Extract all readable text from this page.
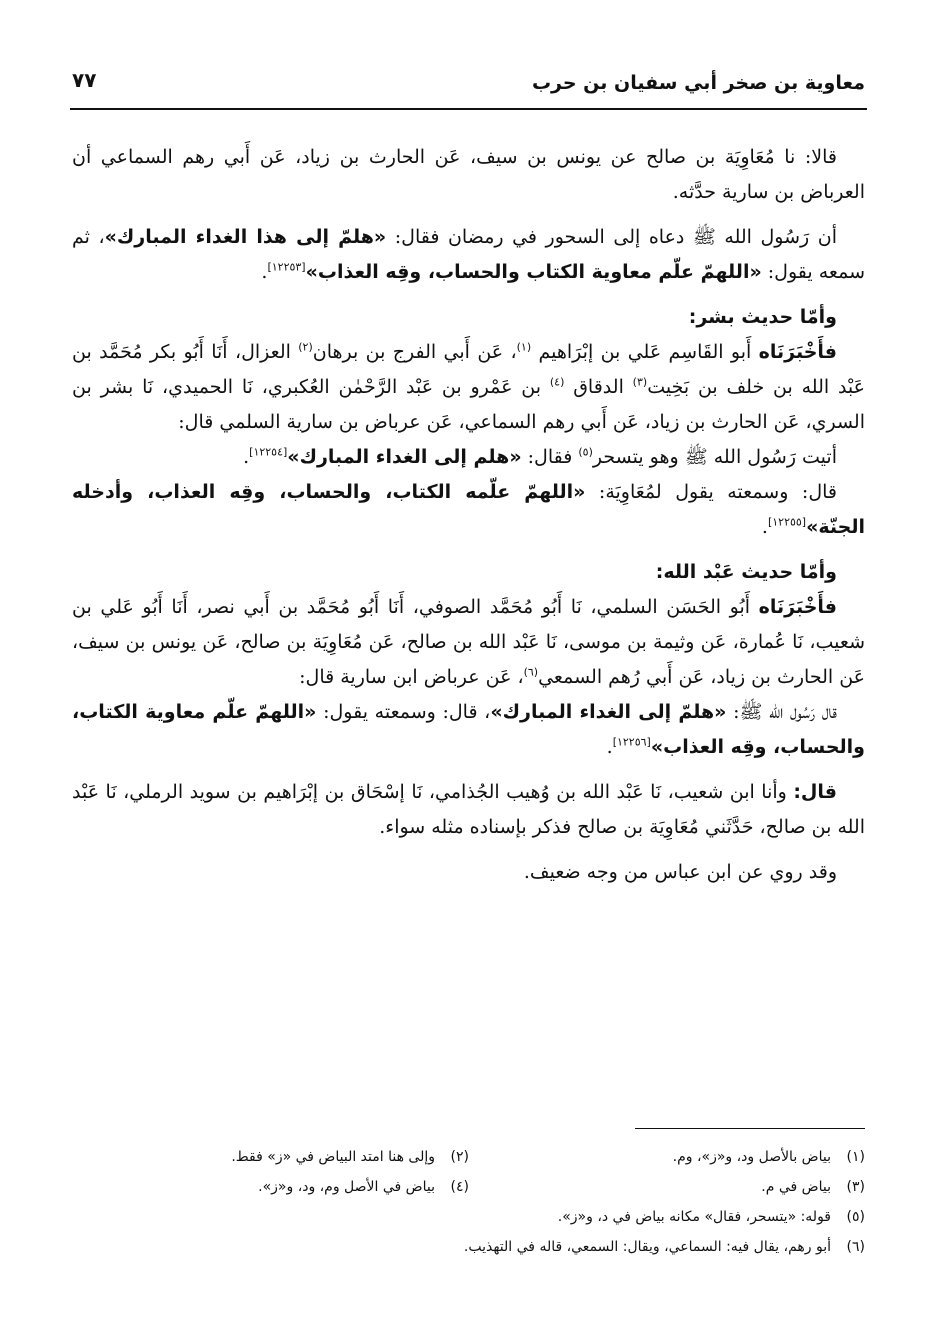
معاوية بن صخر أبي سفيان بن حرب
٧٧

قالا: نا مُعَاوِيَة بن صالح عن يونس بن سيف، عَن الحارث بن زياد، عَن أَبي رهم السماعي أن العرباض بن سارية حدَّثه.

أن رَسُول الله ﷺ دعاه إلى السحور في رمضان فقال: «هلمّ إلى هذا الغداء المبارك»، ثم سمعه يقول: «اللهمّ علّم معاوية الكتاب والحساب، وقِه العذاب»[١٢٢٥٣].

وأمّا حديث بشر:

فأَخْبَرَنَاه أَبو القَاسِم عَلي بن إبْرَاهيم $^{(١)}$، عَن أَبي الفرج بن برهان$^{(٢)}$ العزال، أَنَا أَبُو بكر مُحَمَّد بن عَبْد الله بن خلف بن بَخِيت$^{(٣)}$ الدقاق $^{(٤)}$ بن عَمْرو بن عَبْد الرَّحْمٰن العُكبري، نَا الحميدي، نَا بشر بن السري، عَن الحارث بن زياد، عَن أَبي رهم السماعي، عَن عرباض بن سارية السلمي قال:

أتيت رَسُول الله ﷺ وهو يتسحر$^{(٥)}$ فقال: «هلم إلى الغداء المبارك»[١٢٢٥٤].

قال: وسمعته يقول لمُعَاوِيَة: «اللهمّ علّمه الكتاب، والحساب، وقِه العذاب، وأدخله الجنّة»[١٢٢٥٥].

وأمّا حديث عَبْد الله:

فأَخْبَرَنَاه أَبُو الحَسَن السلمي، نَا أَبُو مُحَمَّد الصوفي، أَنَا أَبُو مُحَمَّد بن أَبي نصر، أَنَا أَبُو عَلي بن شعيب، نَا عُمارة، عَن وثيمة بن موسى، نَا عَبْد الله بن صالح، عَن مُعَاوِيَة بن صالح، عَن يونس بن سيف، عَن الحارث بن زياد، عَن أَبي رُهم السمعي$^{(٦)}$، عَن عرباض ابن سارية قال:

قال رَسُول الله ﷺ: «هلمّ إلى الغداء المبارك»، قال: وسمعته يقول: «اللهمّ علّم معاوية الكتاب، والحساب، وقِه العذاب»[١٢٢٥٦].

قال: وأنا ابن شعيب، نَا عَبْد الله بن وُهيب الجُذامي، نَا إسْحَاق بن إبْرَاهيم بن سويد الرملي، نَا عَبْد الله بن صالح، حَدَّثَني مُعَاوِيَة بن صالح فذكر بإسناده مثله سواء.

وقد روي عن ابن عباس من وجه ضعيف.

(١)بياض بالأصل ود، و«ز»، وم.
(٢)وإلى هنا امتد البياض في «ز» فقط.
(٣)بياض في م.
(٤)بياض في الأصل وم، ود، و«ز».
(٥)قوله: «يتسحر، فقال» مكانه بياض في د، و«ز».
(٦)أبو رهم، يقال فيه: السماعي، ويقال: السمعي، قاله في التهذيب.
